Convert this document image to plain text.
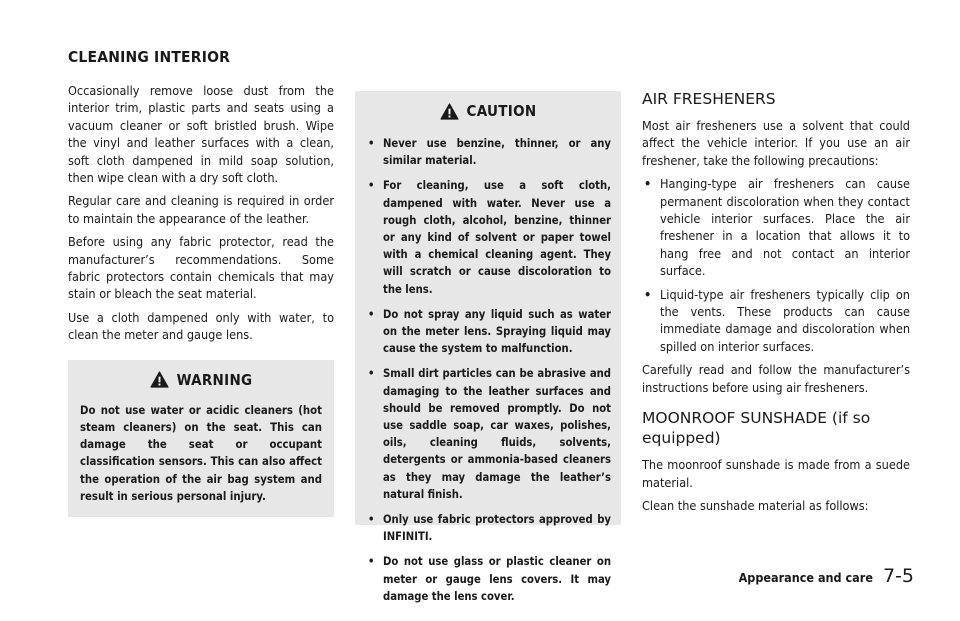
CLEANING INTERIOR

Occasionally remove loose dust from the interior trim, plastic parts and seats using a vacuum cleaner or soft bristled brush. Wipe the vinyl and leather surfaces with a clean, soft cloth dampened in mild soap solution, then wipe clean with a dry soft cloth.

Regular care and cleaning is required in order to maintain the appearance of the leather.

Before using any fabric protector, read the manufacturer’s recommendations. Some fabric protectors contain chemicals that may stain or bleach the seat material.

Use a cloth dampened only with water, to clean the meter and gauge lens.

WARNING

Do not use water or acidic cleaners (hot steam cleaners) on the seat. This can damage the seat or occupant classification sensors. This can also affect the operation of the air bag system and result in serious personal injury.

CAUTION
• Never use benzine, thinner, or any similar material.
• For cleaning, use a soft cloth, dampened with water. Never use a rough cloth, alcohol, benzine, thinner or any kind of solvent or paper towel with a chemical cleaning agent. They will scratch or cause discoloration to the lens.
• Do not spray any liquid such as water on the meter lens. Spraying liquid may cause the system to malfunction.
• Small dirt particles can be abrasive and damaging to the leather surfaces and should be removed promptly. Do not use saddle soap, car waxes, polishes, oils, cleaning fluids, solvents, detergents or ammonia-based cleaners as they may damage the leather’s natural finish.
• Only use fabric protectors approved by INFINITI.
• Do not use glass or plastic cleaner on meter or gauge lens covers. It may damage the lens cover.
AIR FRESHENERS

Most air fresheners use a solvent that could affect the vehicle interior. If you use an air freshener, take the following precautions:

• Hanging-type air fresheners can cause permanent discoloration when they contact vehicle interior surfaces. Place the air freshener in a location that allows it to hang free and not contact an interior surface.
• Liquid-type air fresheners typically clip on the vents. These products can cause immediate damage and discoloration when spilled on interior surfaces.

Carefully read and follow the manufacturer’s instructions before using air fresheners.

MOONROOF SUNSHADE (if so equipped)

The moonroof sunshade is made from a suede material.

Clean the sunshade material as follows:

Appearance and care 7-5
